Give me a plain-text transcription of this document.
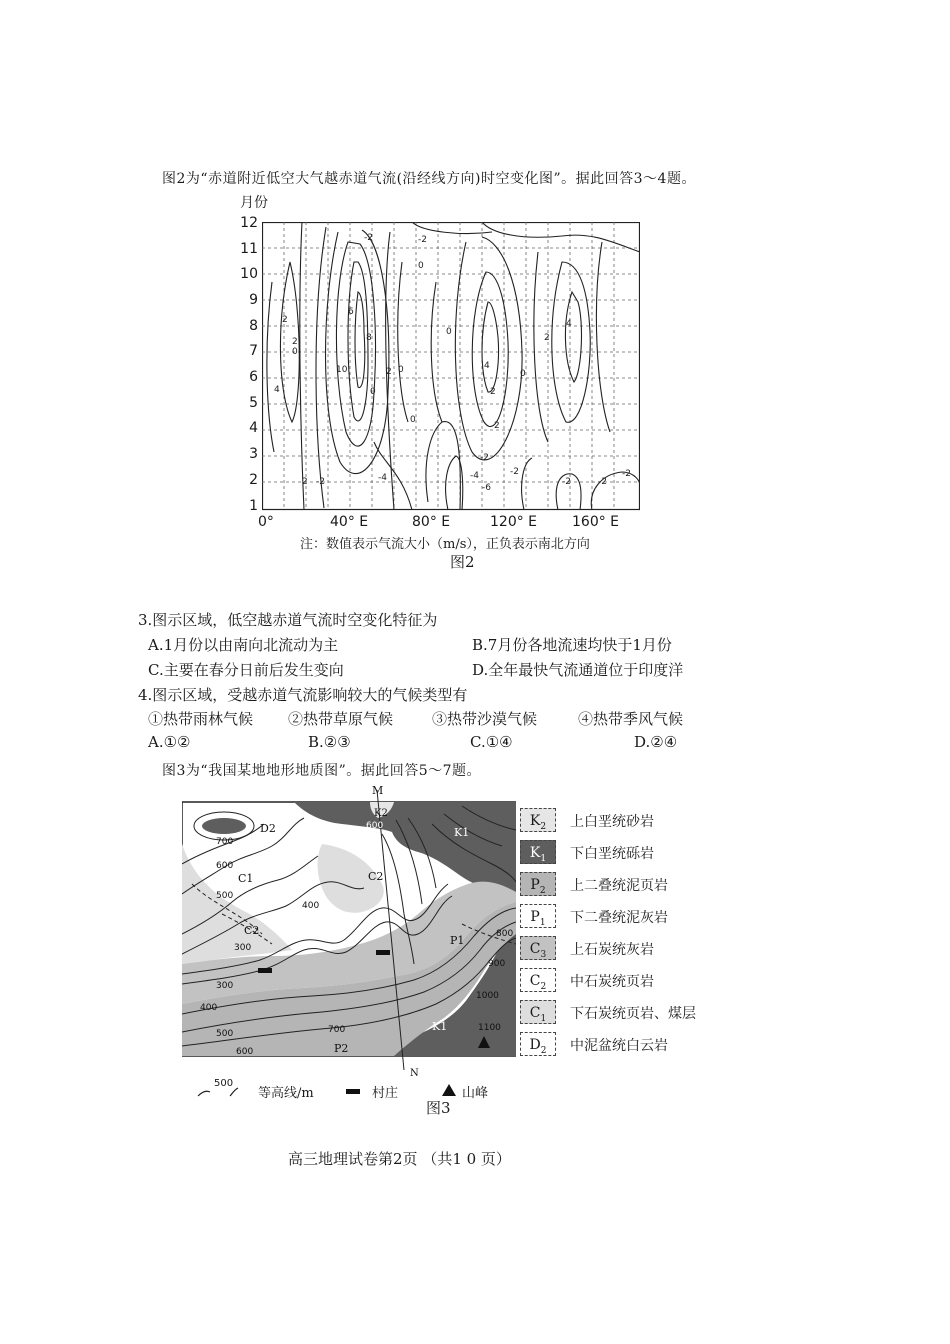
图2为“赤道附近低空大气越赤道气流(沿经线方向)时空变化图”。据此回答3～4题。
月份
12
11
10
9
8
7
6
5
4
3
2
1
-2	-2
0
2
2
0
4
6
8
10	2 0
0
2
4
4
2
0
0
-2	-4
-2
-4
-6
-2
-2	-2
-2
2
0
2
0°	40° E	80° E	120° E 160° E
注：数值表示气流大小（m/s），正负表示南北方向
图2
3.图示区域，低空越赤道气流时空变化特征为
A.1月份以由南向北流动为主	B.7月份各地流速均快于1月份
C.主要在春分日前后发生变向	D.全年最快气流通道位于印度洋
4.图示区域，受越赤道气流影响较大的气候类型有
①热带雨林气候 ②热带草原气候	③热带沙漠气候	④热带季风气候
A.①②	B.②③	C.①④	D.②④
图3为“我国某地地形地质图”。据此回答5～7题。
M
N
K2
K1
K1
D2
C1	C2
C2
P1
P2
700
600
500
400
300
300
400
500
600
700
800
900
1000
1100
600	$K_2$	上白垩统砂岩
$K_1$	下白垩统砾岩
$P_2$	上二叠统泥页岩
$P_1$	下二叠统泥灰岩
$C_3$	上石炭统灰岩
$C_2$	中石炭统页岩
$C_1$	下石炭统页岩、煤层
$D_2$	中泥盆统白云岩
500
等高线/m	村庄	山峰
图3
高三地理试卷第2页 （共1 0 页）
